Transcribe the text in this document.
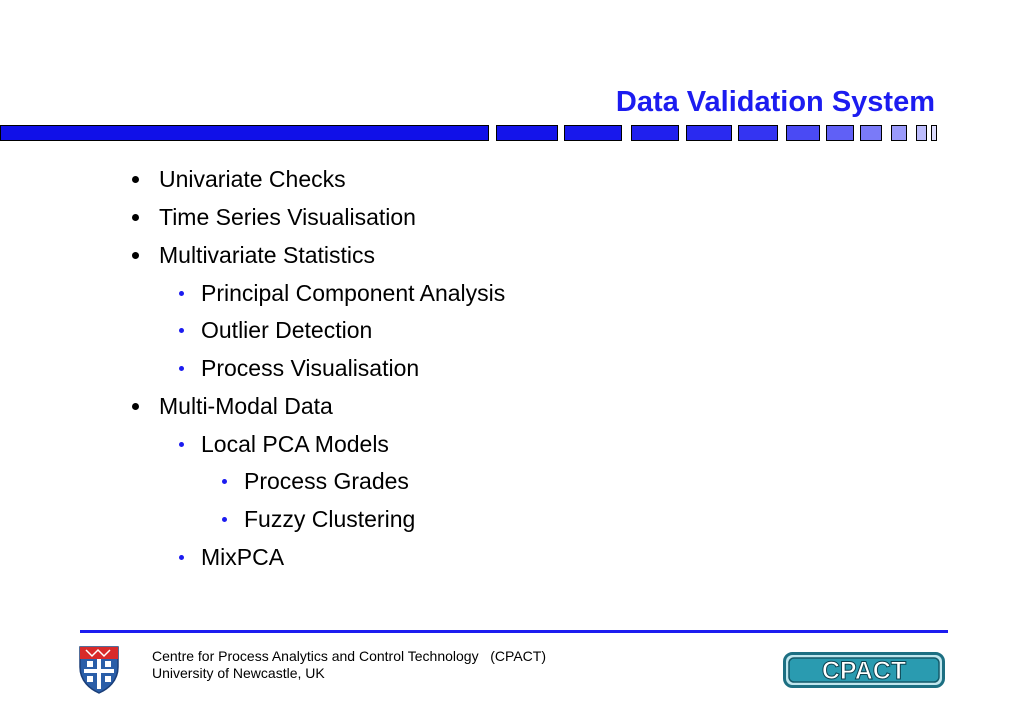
Data Validation System
Univariate Checks
Time Series Visualisation
Multivariate Statistics
Principal Component Analysis
Outlier Detection
Process Visualisation
Multi-Modal Data
Local PCA Models
Process Grades
Fuzzy Clustering
MixPCA
Centre for Process Analytics and Control Technology   (CPACT)
University of Newcastle, UK	CPACT
